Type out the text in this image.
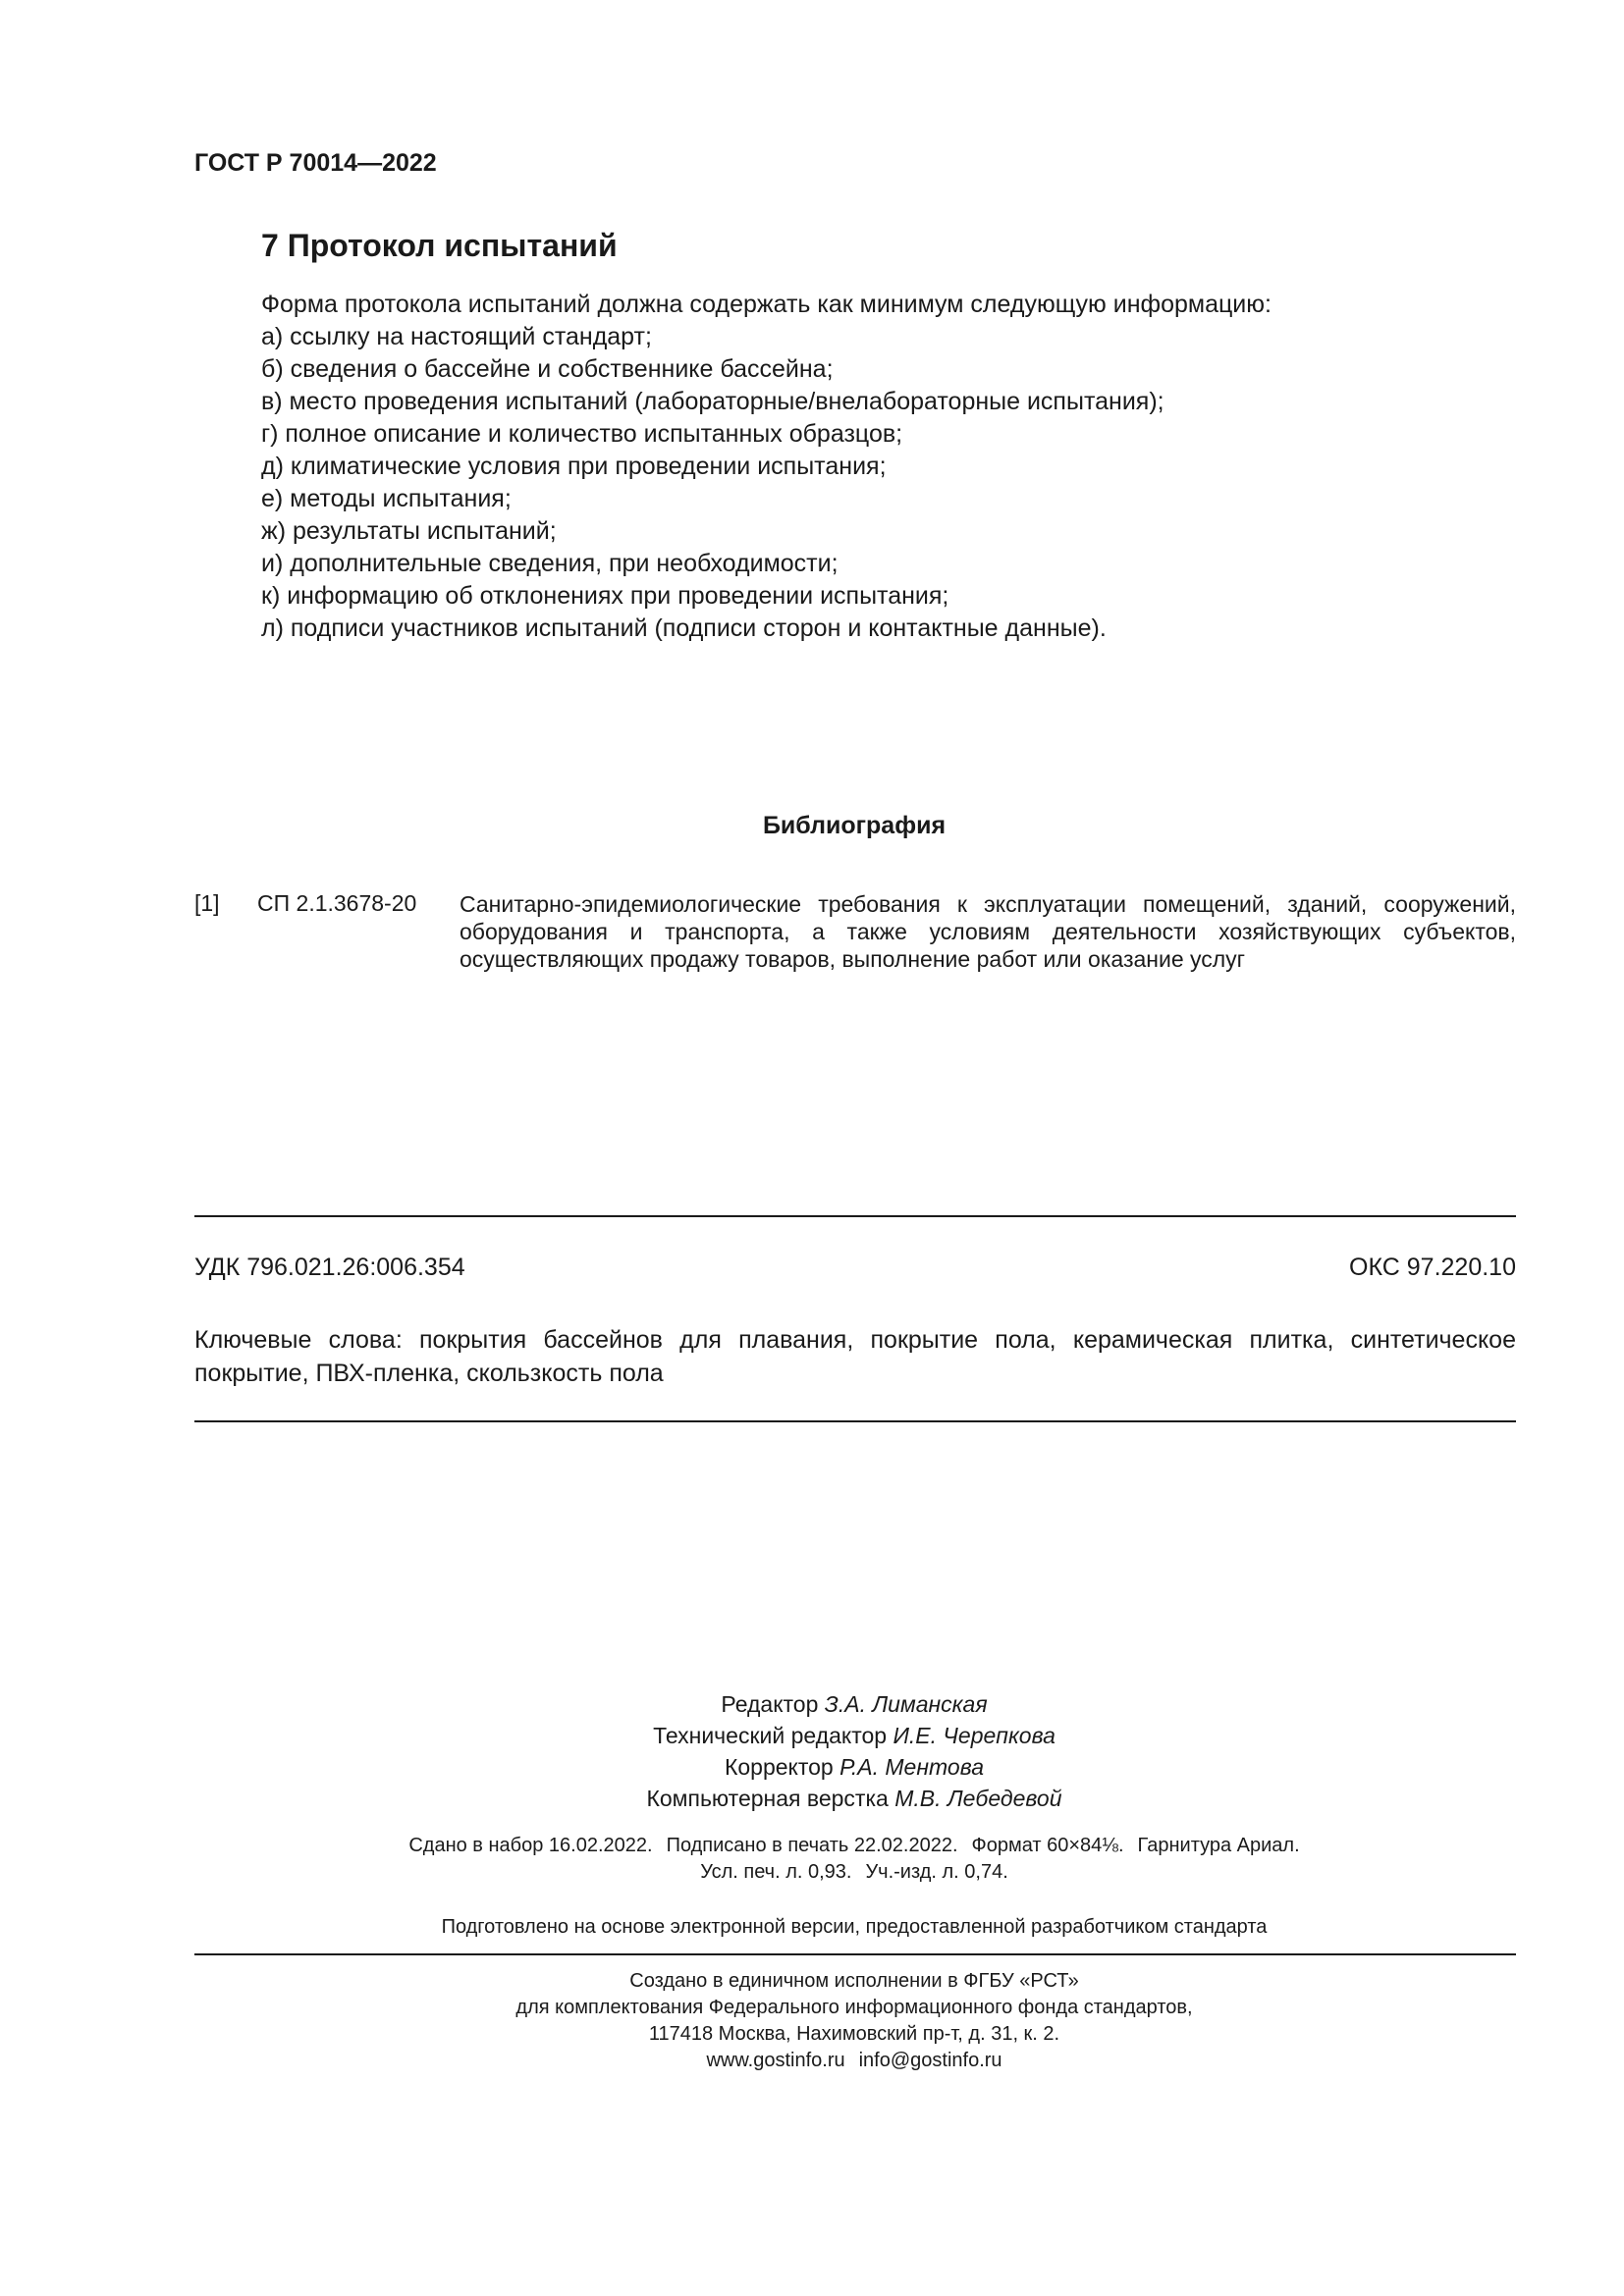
ГОСТ Р 70014—2022
7 Протокол испытаний
Форма протокола испытаний должна содержать как минимум следующую информацию:
а) ссылку на настоящий стандарт;
б) сведения о бассейне и собственнике бассейна;
в) место проведения испытаний (лабораторные/внелабораторные испытания);
г) полное описание и количество испытанных образцов;
д) климатические условия при проведении испытания;
е) методы испытания;
ж) результаты испытаний;
и) дополнительные сведения, при необходимости;
к) информацию об отклонениях при проведении испытания;
л) подписи участников испытаний (подписи сторон и контактные данные).
Библиография
[1] СП 2.1.3678-20 Санитарно-эпидемиологические требования к эксплуатации помещений, зданий, сооружений, оборудования и транспорта, а также условиям деятельности хозяйствующих субъектов, осуществляющих продажу товаров, выполнение работ или оказание услуг
УДК 796.021.26:006.354	ОКС 97.220.10
Ключевые слова: покрытия бассейнов для плавания, покрытие пола, керамическая плитка, синтетическое покрытие, ПВХ-пленка, скользкость пола
Редактор З.А. Лиманская
Технический редактор И.Е. Черепкова
Корректор Р.А. Ментова
Компьютерная верстка М.В. Лебедевой
Сдано в набор 16.02.2022. Подписано в печать 22.02.2022. Формат 60×84⅛. Гарнитура Ариал.
Усл. печ. л. 0,93. Уч.-изд. л. 0,74.
Подготовлено на основе электронной версии, предоставленной разработчиком стандарта
Создано в единичном исполнении в ФГБУ «РСТ»
для комплектования Федерального информационного фонда стандартов,
117418 Москва, Нахимовский пр-т, д. 31, к. 2.
www.gostinfo.ru info@gostinfo.ru
